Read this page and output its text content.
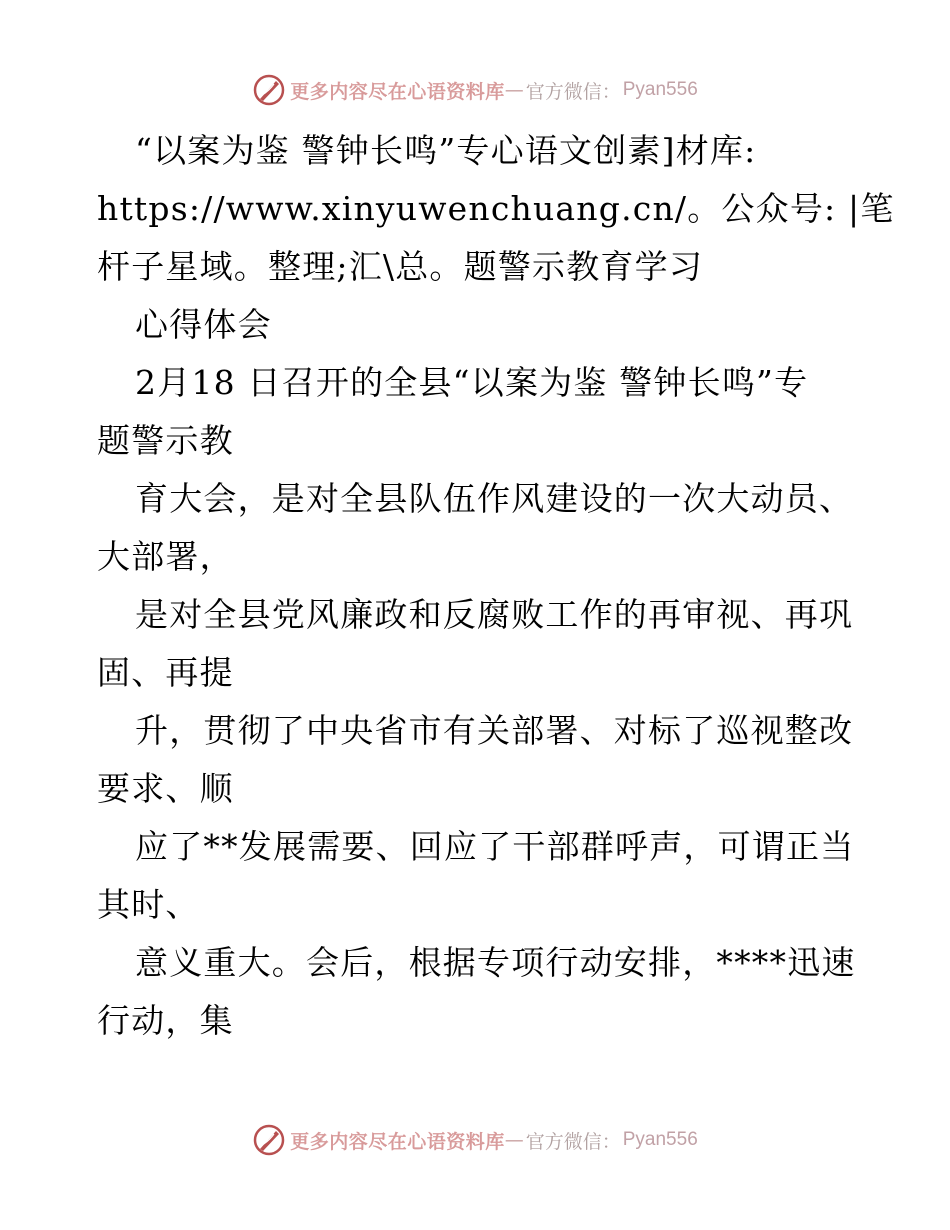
更多内容尽在心语资料库 — 官方微信： Pyan556

“以案为鉴 警钟长鸣”专心语文创素]材库:

https://www.xinyuwenchuang.cn/。公众号: |笔

杆子星域。整理;汇\总。题警示教育学习

心得体会

2月18 日召开的全县“以案为鉴 警钟长鸣”专

题警示教

育大会，是对全县队伍作风建设的一次大动员、

大部署，

是对全县党风廉政和反腐败工作的再审视、再巩

固、再提

升，贯彻了中央省市有关部署、对标了巡视整改

要求、顺

应了**发展需要、回应了干部群呼声，可谓正当

其时、

意义重大。会后，根据专项行动安排，****迅速

行动，集

更多内容尽在心语资料库 — 官方微信： Pyan556
